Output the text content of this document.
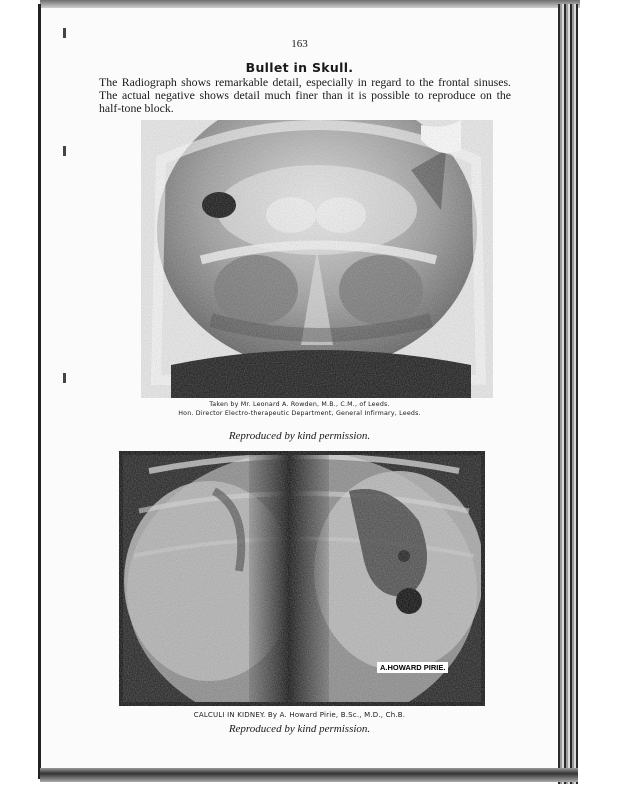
163
Bullet in Skull.

The Radiograph shows remarkable detail, especially in regard to the frontal sinuses. The actual negative shows detail much finer than it is possible to reproduce on the half-tone block.

Taken by Mr. Leonard A. Rowden, M.B., C.M., of Leeds.
Hon. Director Electro-therapeutic Department, General Infirmary, Leeds.
Reproduced by kind permission.
A.HOWARD PIRIE.
CALCULI IN KIDNEY. By A. Howard Pirie, B.Sc., M.D., Ch.B.
Reproduced by kind permission.
